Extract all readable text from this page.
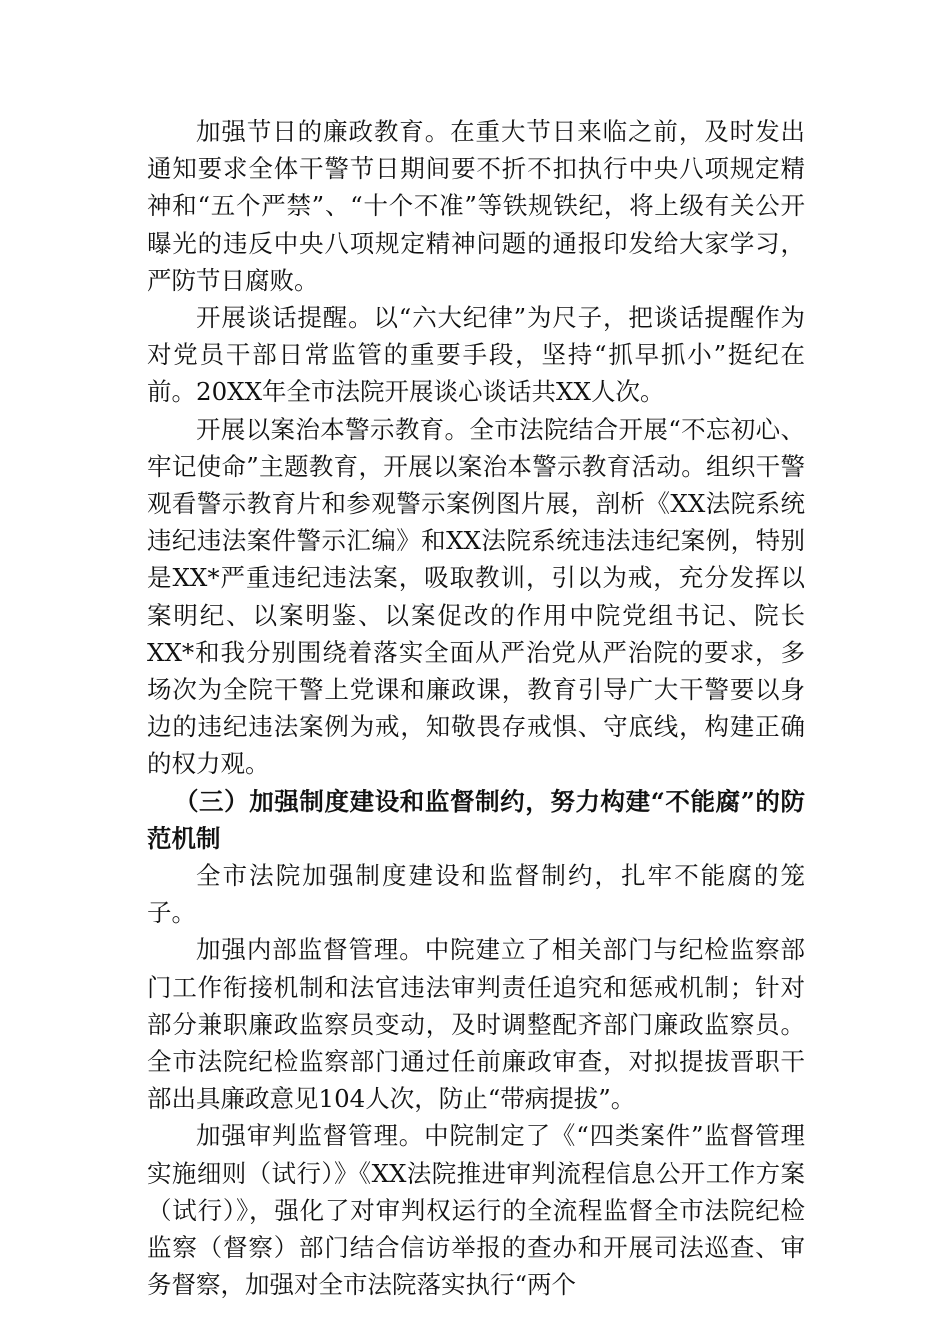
加强节日的廉政教育。在重大节日来临之前，及时发出通知要求全体干警节日期间要不折不扣执行中央八项规定精神和“五个严禁”、“十个不准”等铁规铁纪，将上级有关公开曝光的违反中央八项规定精神问题的通报印发给大家学习，严防节日腐败。

开展谈话提醒。以“六大纪律”为尺子，把谈话提醒作为对党员干部日常监管的重要手段，坚持“抓早抓小”挺纪在前。20XX年全市法院开展谈心谈话共XX人次。

开展以案治本警示教育。全市法院结合开展“不忘初心、牢记使命”主题教育，开展以案治本警示教育活动。组织干警观看警示教育片和参观警示案例图片展，剖析《XX法院系统违纪违法案件警示汇编》和XX法院系统违法违纪案例，特别是XX*严重违纪违法案，吸取教训，引以为戒，充分发挥以案明纪、以案明鉴、以案促改的作用中院党组书记、院长XX*和我分别围绕着落实全面从严治党从严治院的要求，多场次为全院干警上党课和廉政课，教育引导广大干警要以身边的违纪违法案例为戒，知敬畏存戒惧、守底线，构建正确的权力观。

（三）加强制度建设和监督制约，努力构建“不能腐”的防范机制

全市法院加强制度建设和监督制约，扎牢不能腐的笼子。

加强内部监督管理。中院建立了相关部门与纪检监察部门工作衔接机制和法官违法审判责任追究和惩戒机制；针对部分兼职廉政监察员变动，及时调整配齐部门廉政监察员。全市法院纪检监察部门通过任前廉政审查，对拟提拔晋职干部出具廉政意见104人次，防止“带病提拔”。

加强审判监督管理。中院制定了《“四类案件”监督管理实施细则（试行）》《XX法院推进审判流程信息公开工作方案（试行）》，强化了对审判权运行的全流程监督全市法院纪检监察（督察）部门结合信访举报的查办和开展司法巡查、审务督察，加强对全市法院落实执行“两个
